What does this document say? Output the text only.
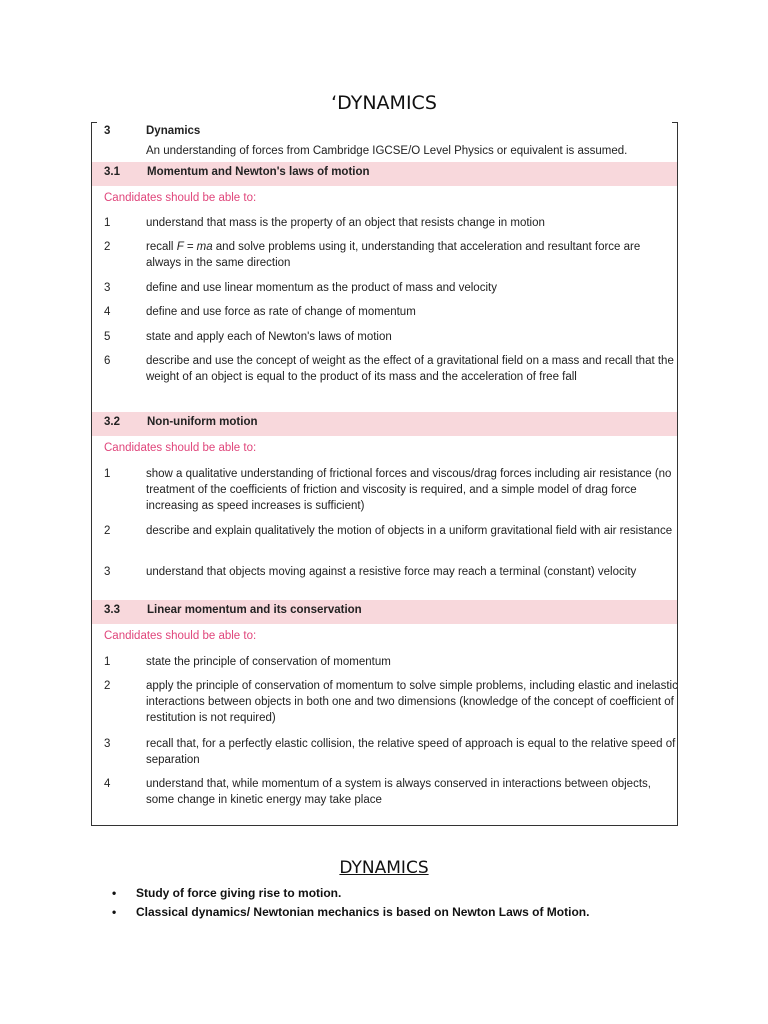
‘DYNAMICS
3	Dynamics
An understanding of forces from Cambridge IGCSE/O Level Physics or equivalent is assumed.
3.1 Momentum and Newton's laws of motion
Candidates should be able to:
1	understand that mass is the property of an object that resists change in motion
2	recall F = ma and solve problems using it, understanding that acceleration and resultant force are always in the same direction
3	define and use linear momentum as the product of mass and velocity
4	define and use force as rate of change of momentum
5	state and apply each of Newton's laws of motion
6	describe and use the concept of weight as the effect of a gravitational field on a mass and recall that the weight of an object is equal to the product of its mass and the acceleration of free fall
3.2 Non-uniform motion
Candidates should be able to:
1	show a qualitative understanding of frictional forces and viscous/drag forces including air resistance (no treatment of the coefficients of friction and viscosity is required, and a simple model of drag force increasing as speed increases is sufficient)
2	describe and explain qualitatively the motion of objects in a uniform gravitational field with air resistance
3	understand that objects moving against a resistive force may reach a terminal (constant) velocity
3.3 Linear momentum and its conservation
Candidates should be able to:
1	state the principle of conservation of momentum
2	apply the principle of conservation of momentum to solve simple problems, including elastic and inelastic interactions between objects in both one and two dimensions (knowledge of the concept of coefficient of restitution is not required)
3	recall that, for a perfectly elastic collision, the relative speed of approach is equal to the relative speed of separation
4	understand that, while momentum of a system is always conserved in interactions between objects, some change in kinetic energy may take place
DYNAMICS
• Study of force giving rise to motion.
• Classical dynamics/ Newtonian mechanics is based on Newton Laws of Motion.
